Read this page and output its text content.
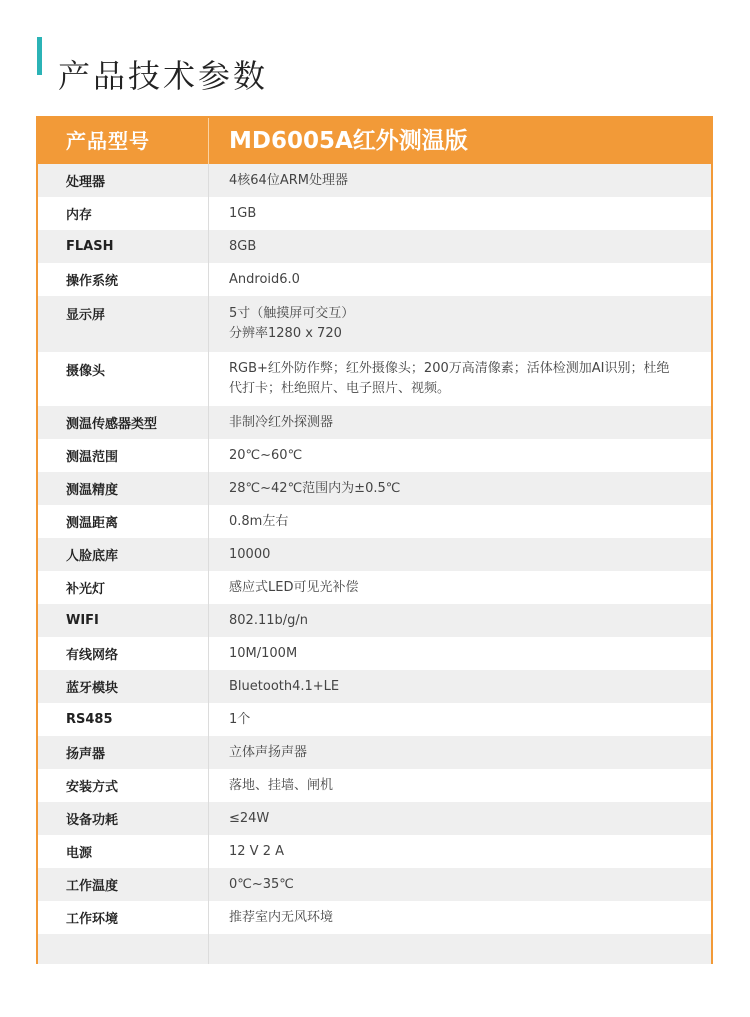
产品技术参数
产品型号	MD6005A红外测温版
处理器	4核64位ARM处理器
内存	1GB
FLASH	8GB
操作系统	Android6.0
显示屏	5寸（触摸屏可交互）
分辨率1280 x 720
摄像头	RGB+红外防作弊；红外摄像头；200万高清像素；活体检测加AI识别；杜绝
代打卡；杜绝照片、电子照片、视频。
测温传感器类型	非制冷红外探测器
测温范围	20℃~60℃
测温精度	28℃~42℃范围内为±0.5℃
测温距离	0.8m左右
人脸底库	10000
补光灯	感应式LED可见光补偿
WIFI	802.11b/g/n
有线网络	10M/100M
蓝牙模块	Bluetooth4.1+LE
RS485	1个
扬声器	立体声扬声器
安装方式	落地、挂墙、闸机
设备功耗	≤24W
电源	12 V 2 A
工作温度	0℃~35℃
工作环境	推荐室内无风环境
